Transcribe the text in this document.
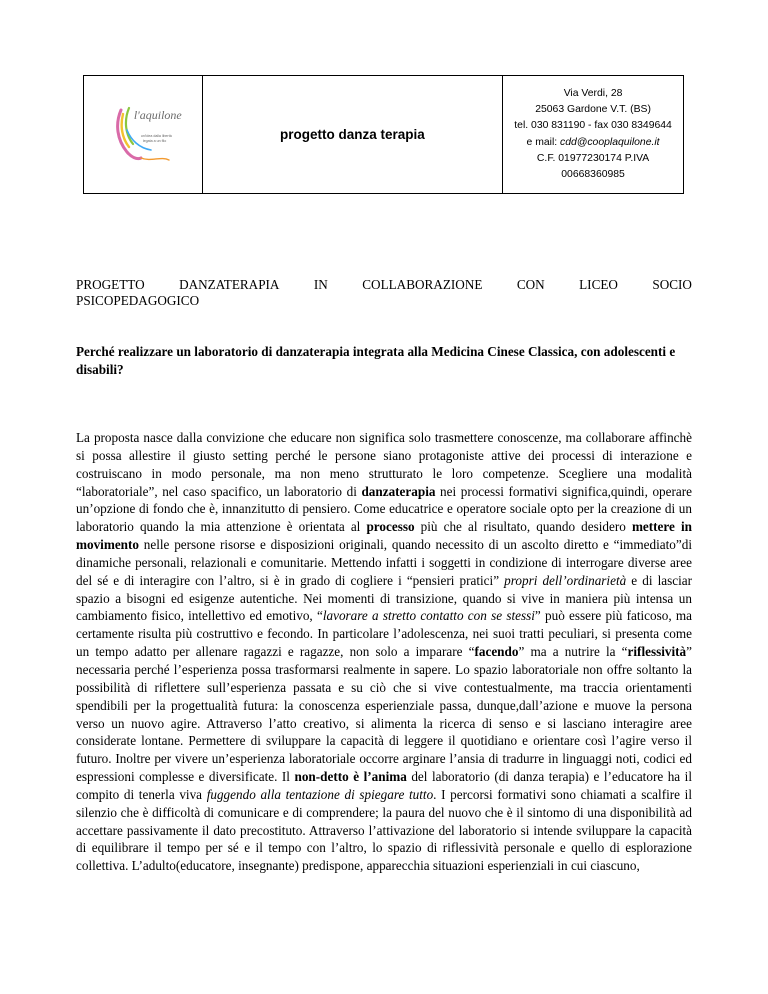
l'aquilone
un'idea dalla libertà
legata a un filo	progetto danza terapia	
Via Verdi, 28
25063 Gardone V.T. (BS)
tel. 030 831190 - fax 030 8349644
e mail: cdd@cooplaquilone.it
C.F. 01977230174 P.IVA
00668360985
PROGETTO	DANZATERAPIA	IN	COLLABORAZIONE	CON	LICEO	SOCIO
PSICOPEDAGOGICO
Perché realizzare un laboratorio di danzaterapia integrata alla Medicina Cinese Classica, con adolescenti e disabili?
La proposta nasce dalla convizione che educare non significa solo trasmettere conoscenze, ma collaborare affinchè si possa allestire il giusto setting perché le persone siano protagoniste attive dei processi di interazione e costruiscano in modo personale, ma non meno strutturato le loro competenze. Scegliere una modalità “laboratoriale”, nel caso spacifico, un laboratorio di danzaterapia nei processi formativi significa,quindi, operare un’opzione di fondo che è, innanzitutto di pensiero. Come educatrice e operatore sociale opto per la creazione di un laboratorio quando la mia attenzione è orientata al processo più che al risultato, quando desidero mettere in movimento nelle persone risorse e disposizioni originali, quando necessito di un ascolto diretto e “immediato”di dinamiche personali, relazionali e comunitarie. Mettendo infatti i soggetti in condizione di interrogare diverse aree del sé e di interagire con l’altro, si è in grado di cogliere i “pensieri pratici” propri dell’ordinarietà e di lasciar spazio a bisogni ed esigenze autentiche. Nei momenti di transizione, quando si vive in maniera più intensa un cambiamento fisico, intellettivo ed emotivo, “lavorare a stretto contatto con se stessi” può essere più faticoso, ma certamente risulta più costruttivo e fecondo. In particolare l’adolescenza, nei suoi tratti peculiari, si presenta come un tempo adatto per allenare ragazzi e ragazze, non solo a imparare “facendo” ma a nutrire la “riflessività” necessaria perché l’esperienza possa trasformarsi realmente in sapere. Lo spazio laboratoriale non offre soltanto la possibilità di riflettere sull’esperienza passata e su ciò che si vive contestualmente, ma traccia orientamenti spendibili per la progettualità futura: la conoscenza esperienziale passa, dunque,dall’azione e muove la persona verso un nuovo agire. Attraverso l’atto creativo, si alimenta la ricerca di senso e si lasciano interagire aree considerate lontane. Permettere di sviluppare la capacità di leggere il quotidiano e orientare così l’agire verso il futuro. Inoltre per vivere un’esperienza laboratoriale occorre arginare l’ansia di tradurre in linguaggi noti, codici ed espressioni complesse e diversificate. Il non-detto è l’anima del laboratorio (di danza terapia) e l’educatore ha il compito di tenerla viva fuggendo alla tentazione di spiegare tutto. I percorsi formativi sono chiamati a scalfire il silenzio che è difficoltà di comunicare e di comprendere; la paura del nuovo che è il sintomo di una disponibilità ad accettare passivamente il dato precostituto. Attraverso l’attivazione del laboratorio si intende sviluppare la capacità di equilibrare il tempo per sé e il tempo con l’altro, lo spazio di riflessività personale e quello di esplorazione collettiva. L’adulto(educatore, insegnante) predispone, apparecchia situazioni esperienziali in cui ciascuno,
